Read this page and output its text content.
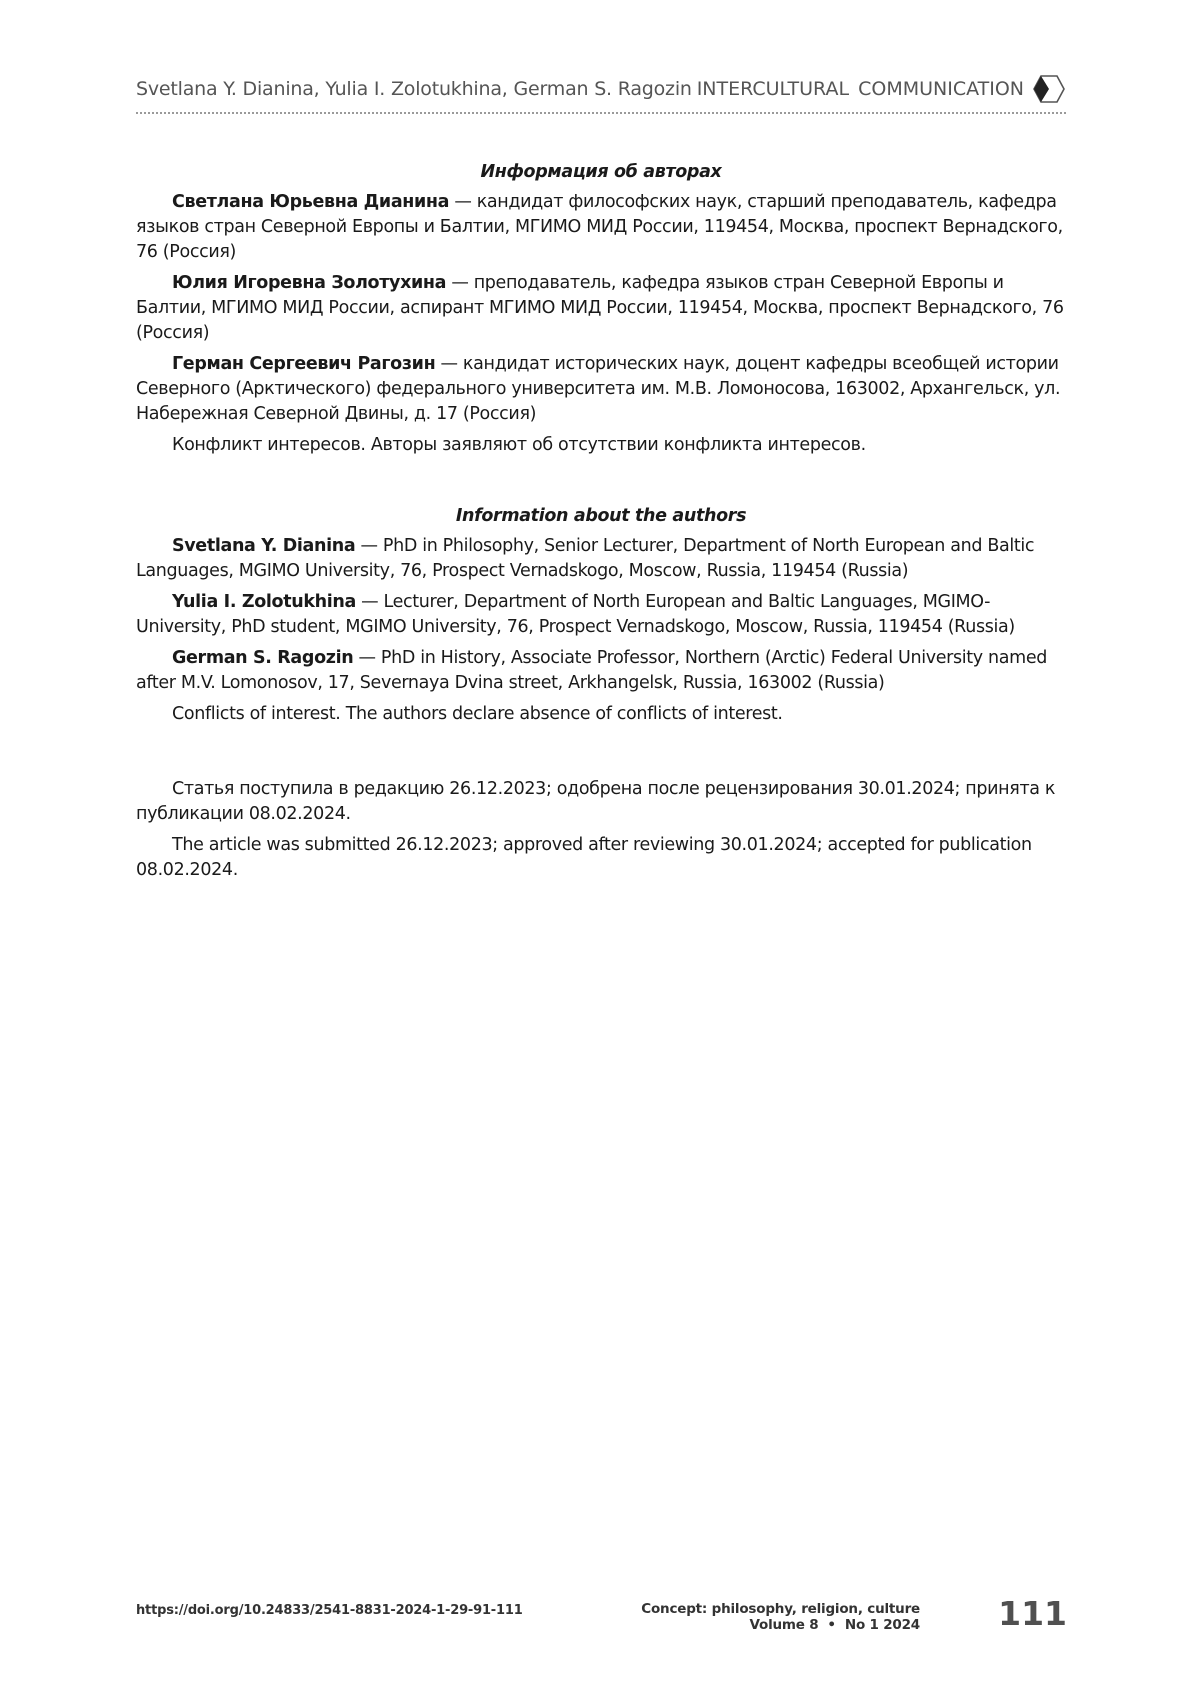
Svetlana Y. Dianina, Yulia I. Zolotukhina, German S. Ragozin INTERCULTURAL COMMUNICATION

Информация об авторах

Светлана Юрьевна Дианина — кандидат философских наук, старший преподаватель, кафедра языков стран Северной Европы и Балтии, МГИМО МИД России, 119454, Москва, проспект Вернадского, 76 (Россия)

Юлия Игоревна Золотухина — преподаватель, кафедра языков стран Северной Европы и Балтии, МГИМО МИД России, аспирант МГИМО МИД России, 119454, Москва, проспект Вернадского, 76 (Россия)

Герман Сергеевич Рагозин — кандидат исторических наук, доцент кафедры всеобщей истории Северного (Арктического) федерального университета им. М.В. Ломоносова, 163002, Архангельск, ул. Набережная Северной Двины, д. 17 (Россия)

Конфликт интересов. Авторы заявляют об отсутствии конфликта интересов.

Information about the authors

Svetlana Y. Dianina — PhD in Philosophy, Senior Lecturer, Department of North European and Baltic Languages, MGIMO University, 76, Prospect Vernadskogo, Moscow, Russia, 119454 (Russia)

Yulia I. Zolotukhina — Lecturer, Department of North European and Baltic Languages, MGIMO-University, PhD student, MGIMO University, 76, Prospect Vernadskogo, Moscow, Russia, 119454 (Russia)

German S. Ragozin — PhD in History, Associate Professor, Northern (Arctic) Federal University named after M.V. Lomonosov, 17, Severnaya Dvina street, Arkhangelsk, Russia, 163002 (Russia)

Conflicts of interest. The authors declare absence of conflicts of interest.

Статья поступила в редакцию 26.12.2023; одобрена после рецензирования 30.01.2024; принята к публикации 08.02.2024.

The article was submitted 26.12.2023; approved after reviewing 30.01.2024; accepted for publication 08.02.2024.

https://doi.org/10.24833/2541-8831-2024-1-29-91-111	Concept: philosophy, religion, culture
Volume 8  •  No 1 2024 111
